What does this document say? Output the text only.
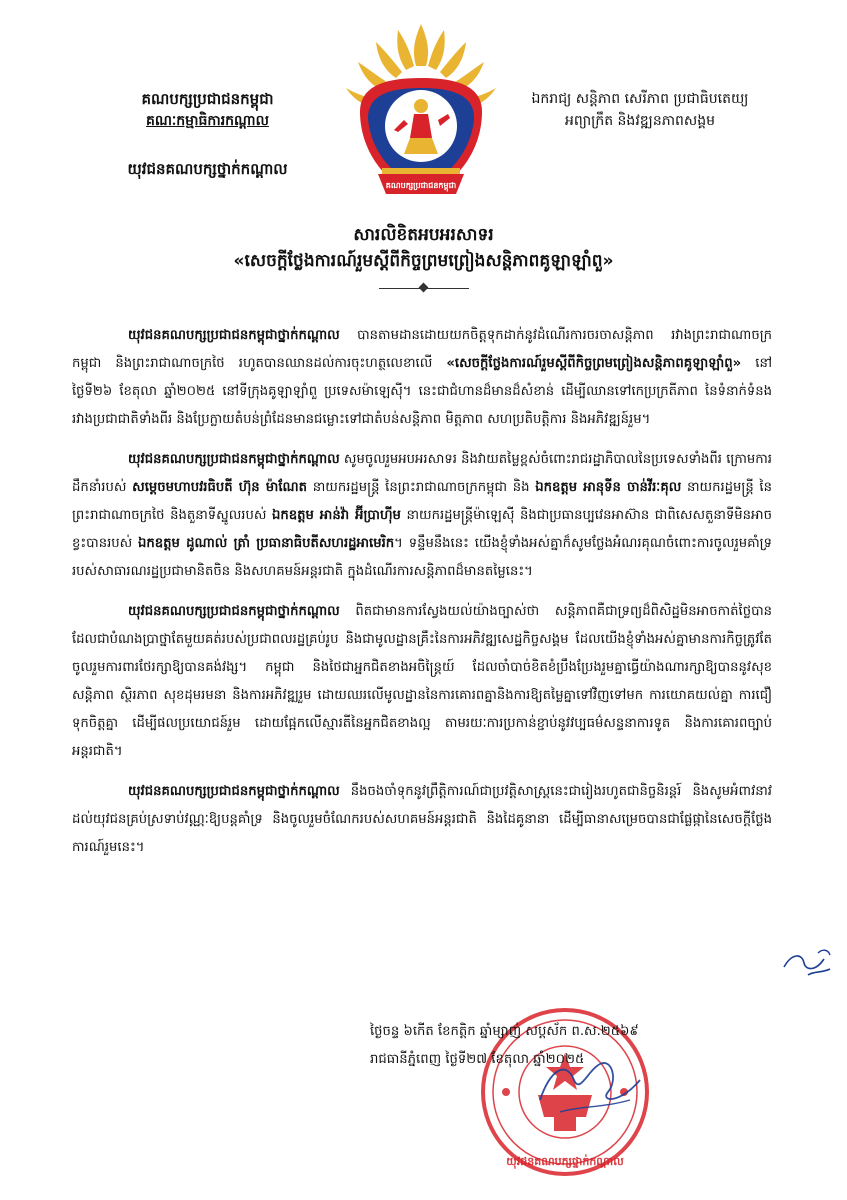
គណបក្សប្រជាជនកម្ពុជា
គណៈកម្មាធិការកណ្តាល
យុវជនគណបក្សថ្នាក់កណ្តាល
គណបក្សប្រជាជនកម្ពុជា
ឯករាជ្យ សន្តិភាព សេរីភាព ប្រជាធិបតេយ្យ
អព្យាក្រឹត និងវឌ្ឍនភាពសង្គម
សារលិខិតអបអរសាទរ
«សេចក្តីថ្លែងការណ៍រួមស្តីពីកិច្ចព្រមព្រៀងសន្តិភាពគូឡាឡាំពួ»

យុវជនគណបក្សប្រជាជនកម្ពុជាថ្នាក់កណ្តាល បានតាមដានដោយយកចិត្តទុកដាក់នូវដំណើរការចរចាសន្តិភាព រវាងព្រះរាជាណាចក្រកម្ពុជា និងព្រះរាជាណាចក្រថៃ រហូតបានឈានដល់ការចុះហត្ថលេខាលើ «សេចក្តីថ្លែងការណ៍រួមស្តីពីកិច្ចព្រមព្រៀងសន្តិភាពគូឡាឡាំពួ» នៅថ្ងៃទី២៦ ខែតុលា ឆ្នាំ២០២៥ នៅទីក្រុងគូឡាឡាំពួ ប្រទេសម៉ាឡេស៊ី។ នេះជាជំហានដ៏មានដ៏សំខាន់ ដើម្បីឈានទៅកេប្រក្រតីភាព នៃទំនាក់ទំនងរវាងប្រជាជាតិទាំងពីរ និងប្រែក្លាយតំបន់ព្រំដែនមានជម្លោះទៅជាតំបន់សន្តិភាព មិត្តភាព សហប្រតិបត្តិការ និងអភិវឌ្ឍន៍រួម។

យុវជនគណបក្សប្រជាជនកម្ពុជាថ្នាក់កណ្តាល សូមចូលរួមអបអរសាទរ និងវាយតម្លៃខ្ពស់ចំពោះរាជរដ្ឋាភិបាលនៃប្រទេសទាំងពីរ ក្រោមការដឹកនាំរបស់ សម្តេចមហាបវរធិបតី ហ៊ុន ម៉ាណែត នាយករដ្ឋមន្ត្រី នៃព្រះរាជាណាចក្រកម្ពុជា និង ឯកឧត្តម អានុទីន ចាន់វីរៈគុល នាយករដ្ឋមន្ត្រី នៃព្រះរាជាណាចក្រថៃ និងតួនាទីស្នូលរបស់ ឯកឧត្តម អាន់វ៉ា អ៊ីប្រាហ៊ីម នាយករដ្ឋមន្ត្រីម៉ាឡេស៊ី និងជាប្រធានប្បវេនអាស៊ាន ជាពិសេសតួនាទីមិនអាចខ្វះបានរបស់ ឯកឧត្តម ដូណាល់ ត្រាំ ប្រធានាធិបតីសហរដ្ឋអាមេរិក។ ទន្ទឹមនឹងនេះ យើងខ្ញុំទាំងអស់គ្នាក៏សូមថ្លែងអំណរគុណចំពោះការចូលរួមគាំទ្ររបស់សាធារណរដ្ឋប្រជាមានិតចិន និងសហគមន៍អន្តរជាតិ ក្នុងដំណើរការសន្តិភាពដ៏មានតម្លៃនេះ។

យុវជនគណបក្សប្រជាជនកម្ពុជាថ្នាក់កណ្តាល ពិតជាមានការស្វែងយល់យ៉ាងច្បាស់ថា សន្តិភាពគឺជាទ្រព្យដ៏ពិសិដ្ឋមិនអាចកាត់ថ្លៃបាន ដែលជាបំណងប្រាថ្នាតែមួយគត់របស់ប្រជាពលរដ្ឋគ្រប់រូប និងជាមូលដ្ឋានគ្រឹះនៃការអភិវឌ្ឍសេដ្ឋកិច្ចសង្គម ដែលយើងខ្ញុំទាំងអស់គ្នាមានការកិច្ចត្រូវតែចូលរួមការពារថែរក្សាឱ្យបានគង់វង្ស។ កម្ពុជា និងថៃជាអ្នកជិតខាងអចិន្ត្រៃយ៍ ដែលចាំបាច់ខិតខំប្រឹងប្រែងរួមគ្នាធ្វើយ៉ាងណារក្សាឱ្យបាននូវសុខសន្តិភាព ស្ថិរភាព សុខដុមរមនា និងការអភិវឌ្ឍរួម ដោយឈរលើមូលដ្ឋាននៃការគោរពគ្នានិងការឱ្យតម្លៃគ្នាទៅវិញទៅមក ការយោគយល់គ្នា ការជឿទុកចិត្តគ្នា ដើម្បីផលប្រយោជន៍រួម ដោយផ្អែកលើស្មារតីនៃអ្នកជិតខាងល្អ តាមរយៈការប្រកាន់ខ្ជាប់នូវវប្បធម៌សន្ទនាការទូត និងការគោរពច្បាប់អន្តរជាតិ។

យុវជនគណបក្សប្រជាជនកម្ពុជាថ្នាក់កណ្តាល នឹងចងចាំទុកនូវព្រឹត្តិការណ៍ជាប្រវត្តិសាស្ត្រនេះជារៀងរហូតជានិច្ចនិរន្តរ៍ និងសូមអំពាវនាវដល់យុវជនគ្រប់ស្រទាប់វណ្ណៈឱ្យបន្តគាំទ្រ និងចូលរួមចំណែករបស់សហគមន៍អន្តរជាតិ និងដៃគូនានា ដើម្បីធានាសម្រេចបានជាផ្លែផ្កានៃសេចក្តីថ្លែងការណ៍រួមនេះ។

យុវជនគណបក្សថ្នាក់កណ្តាល
ថ្ងៃចន្ទ ៦កើត ខែកត្តិក ឆ្នាំម្សាញ់ សប្តស័ក ព.ស.២៥៦៩
រាជធានីភ្នំពេញ ថ្ងៃទី២៧ ខែតុលា ឆ្នាំ២០២៥
